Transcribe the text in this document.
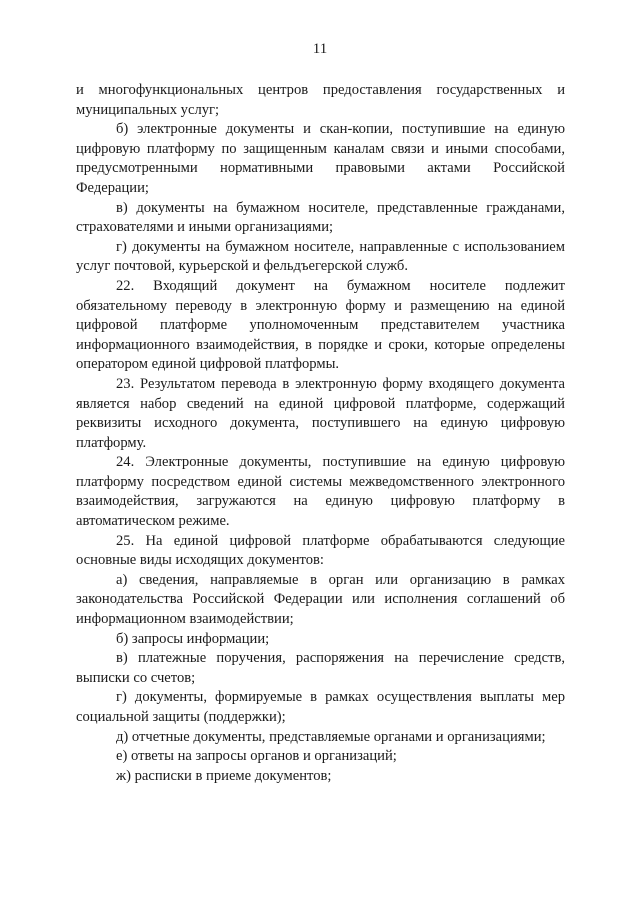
11

и многофункциональных центров предоставления государственных и муниципальных услуг;

б) электронные документы и скан-копии, поступившие на единую цифровую платформу по защищенным каналам связи и иными способами, предусмотренными нормативными правовыми актами Российской Федерации;

в) документы на бумажном носителе, представленные гражданами, страхователями и иными организациями;

г) документы на бумажном носителе, направленные с использованием услуг почтовой, курьерской и фельдъегерской служб.

22. Входящий документ на бумажном носителе подлежит обязательному переводу в электронную форму и размещению на единой цифровой платформе уполномоченным представителем участника информационного взаимодействия, в порядке и сроки, которые определены оператором единой цифровой платформы.

23. Результатом перевода в электронную форму входящего документа является набор сведений на единой цифровой платформе, содержащий реквизиты исходного документа, поступившего на единую цифровую платформу.

24. Электронные документы, поступившие на единую цифровую платформу посредством единой системы межведомственного электронного взаимодействия, загружаются на единую цифровую платформу в автоматическом режиме.

25. На единой цифровой платформе обрабатываются следующие основные виды исходящих документов:

а) сведения, направляемые в орган или организацию в рамках законодательства Российской Федерации или исполнения соглашений об информационном взаимодействии;

б) запросы информации;

в) платежные поручения, распоряжения на перечисление средств, выписки со счетов;

г) документы, формируемые в рамках осуществления выплаты мер социальной защиты (поддержки);

д) отчетные документы, представляемые органами и организациями;

е) ответы на запросы органов и организаций;

ж) расписки в приеме документов;
